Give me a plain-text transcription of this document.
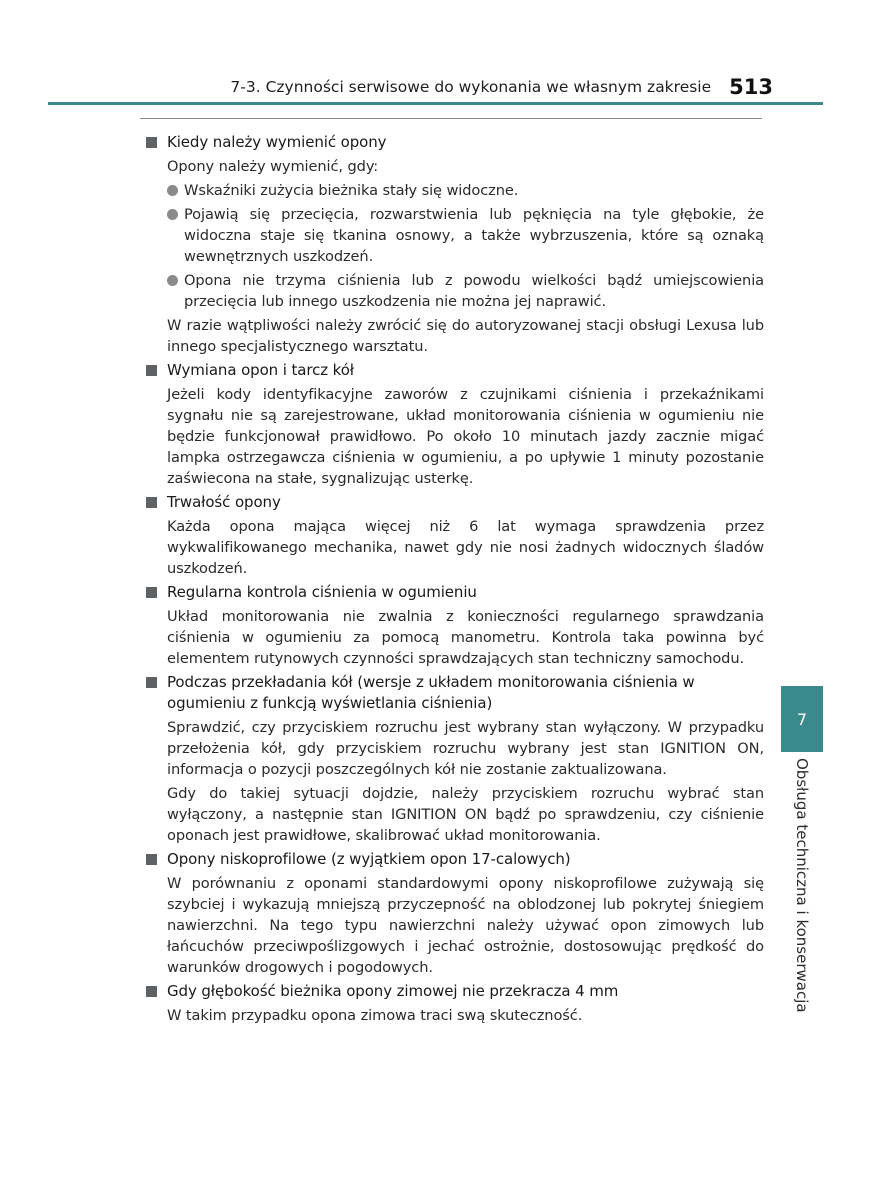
7-3. Czynności serwisowe do wykonania we własnym zakresie 513
Kiedy należy wymienić opony

Opony należy wymienić, gdy:

Wskaźniki zużycia bieżnika stały się widoczne.
Pojawią się przecięcia, rozwarstwienia lub pęknięcia na tyle głębokie, że widoczna staje się tkanina osnowy, a także wybrzuszenia, które są oznaką wewnętrznych uszkodzeń.
Opona nie trzyma ciśnienia lub z powodu wielkości bądź umiejscowienia przecięcia lub innego uszkodzenia nie można jej naprawić.

W razie wątpliwości należy zwrócić się do autoryzowanej stacji obsługi Lexusa lub innego specjalistycznego warsztatu.

Wymiana opon i tarcz kół

Jeżeli kody identyfikacyjne zaworów z czujnikami ciśnienia i przekaźnikami sygnału nie są zarejestrowane, układ monitorowania ciśnienia w ogumieniu nie będzie funkcjonował prawidłowo. Po około 10 minutach jazdy zacznie migać lampka ostrzegawcza ciśnienia w ogumieniu, a po upływie 1 minuty pozostanie zaświecona na stałe, sygnalizując usterkę.

Trwałość opony

Każda opona mająca więcej niż 6 lat wymaga sprawdzenia przez wykwalifikowanego mechanika, nawet gdy nie nosi żadnych widocznych śladów uszkodzeń.

Regularna kontrola ciśnienia w ogumieniu

Układ monitorowania nie zwalnia z konieczności regularnego sprawdzania ciśnienia w ogumieniu za pomocą manometru. Kontrola taka powinna być elementem rutynowych czynności sprawdzających stan techniczny samochodu.

Podczas przekładania kół (wersje z układem monitorowania ciśnienia w ogumieniu z funkcją wyświetlania ciśnienia)

Sprawdzić, czy przyciskiem rozruchu jest wybrany stan wyłączony. W przypadku przełożenia kół, gdy przyciskiem rozruchu wybrany jest stan IGNITION ON, informacja o pozycji poszczególnych kół nie zostanie zaktualizowana.

Gdy do takiej sytuacji dojdzie, należy przyciskiem rozruchu wybrać stan wyłączony, a następnie stan IGNITION ON bądź po sprawdzeniu, czy ciśnienie oponach jest prawidłowe, skalibrować układ monitorowania.

Opony niskoprofilowe (z wyjątkiem opon 17-calowych)

W porównaniu z oponami standardowymi opony niskoprofilowe zużywają się szybciej i wykazują mniejszą przyczepność na oblodzonej lub pokrytej śniegiem nawierzchni. Na tego typu nawierzchni należy używać opon zimowych lub łańcuchów przeciwpoślizgowych i jechać ostrożnie, dostosowując prędkość do warunków drogowych i pogodowych.

Gdy głębokość bieżnika opony zimowej nie przekracza 4 mm

W takim przypadku opona zimowa traci swą skuteczność.

7
Obsługa techniczna i konserwacja
